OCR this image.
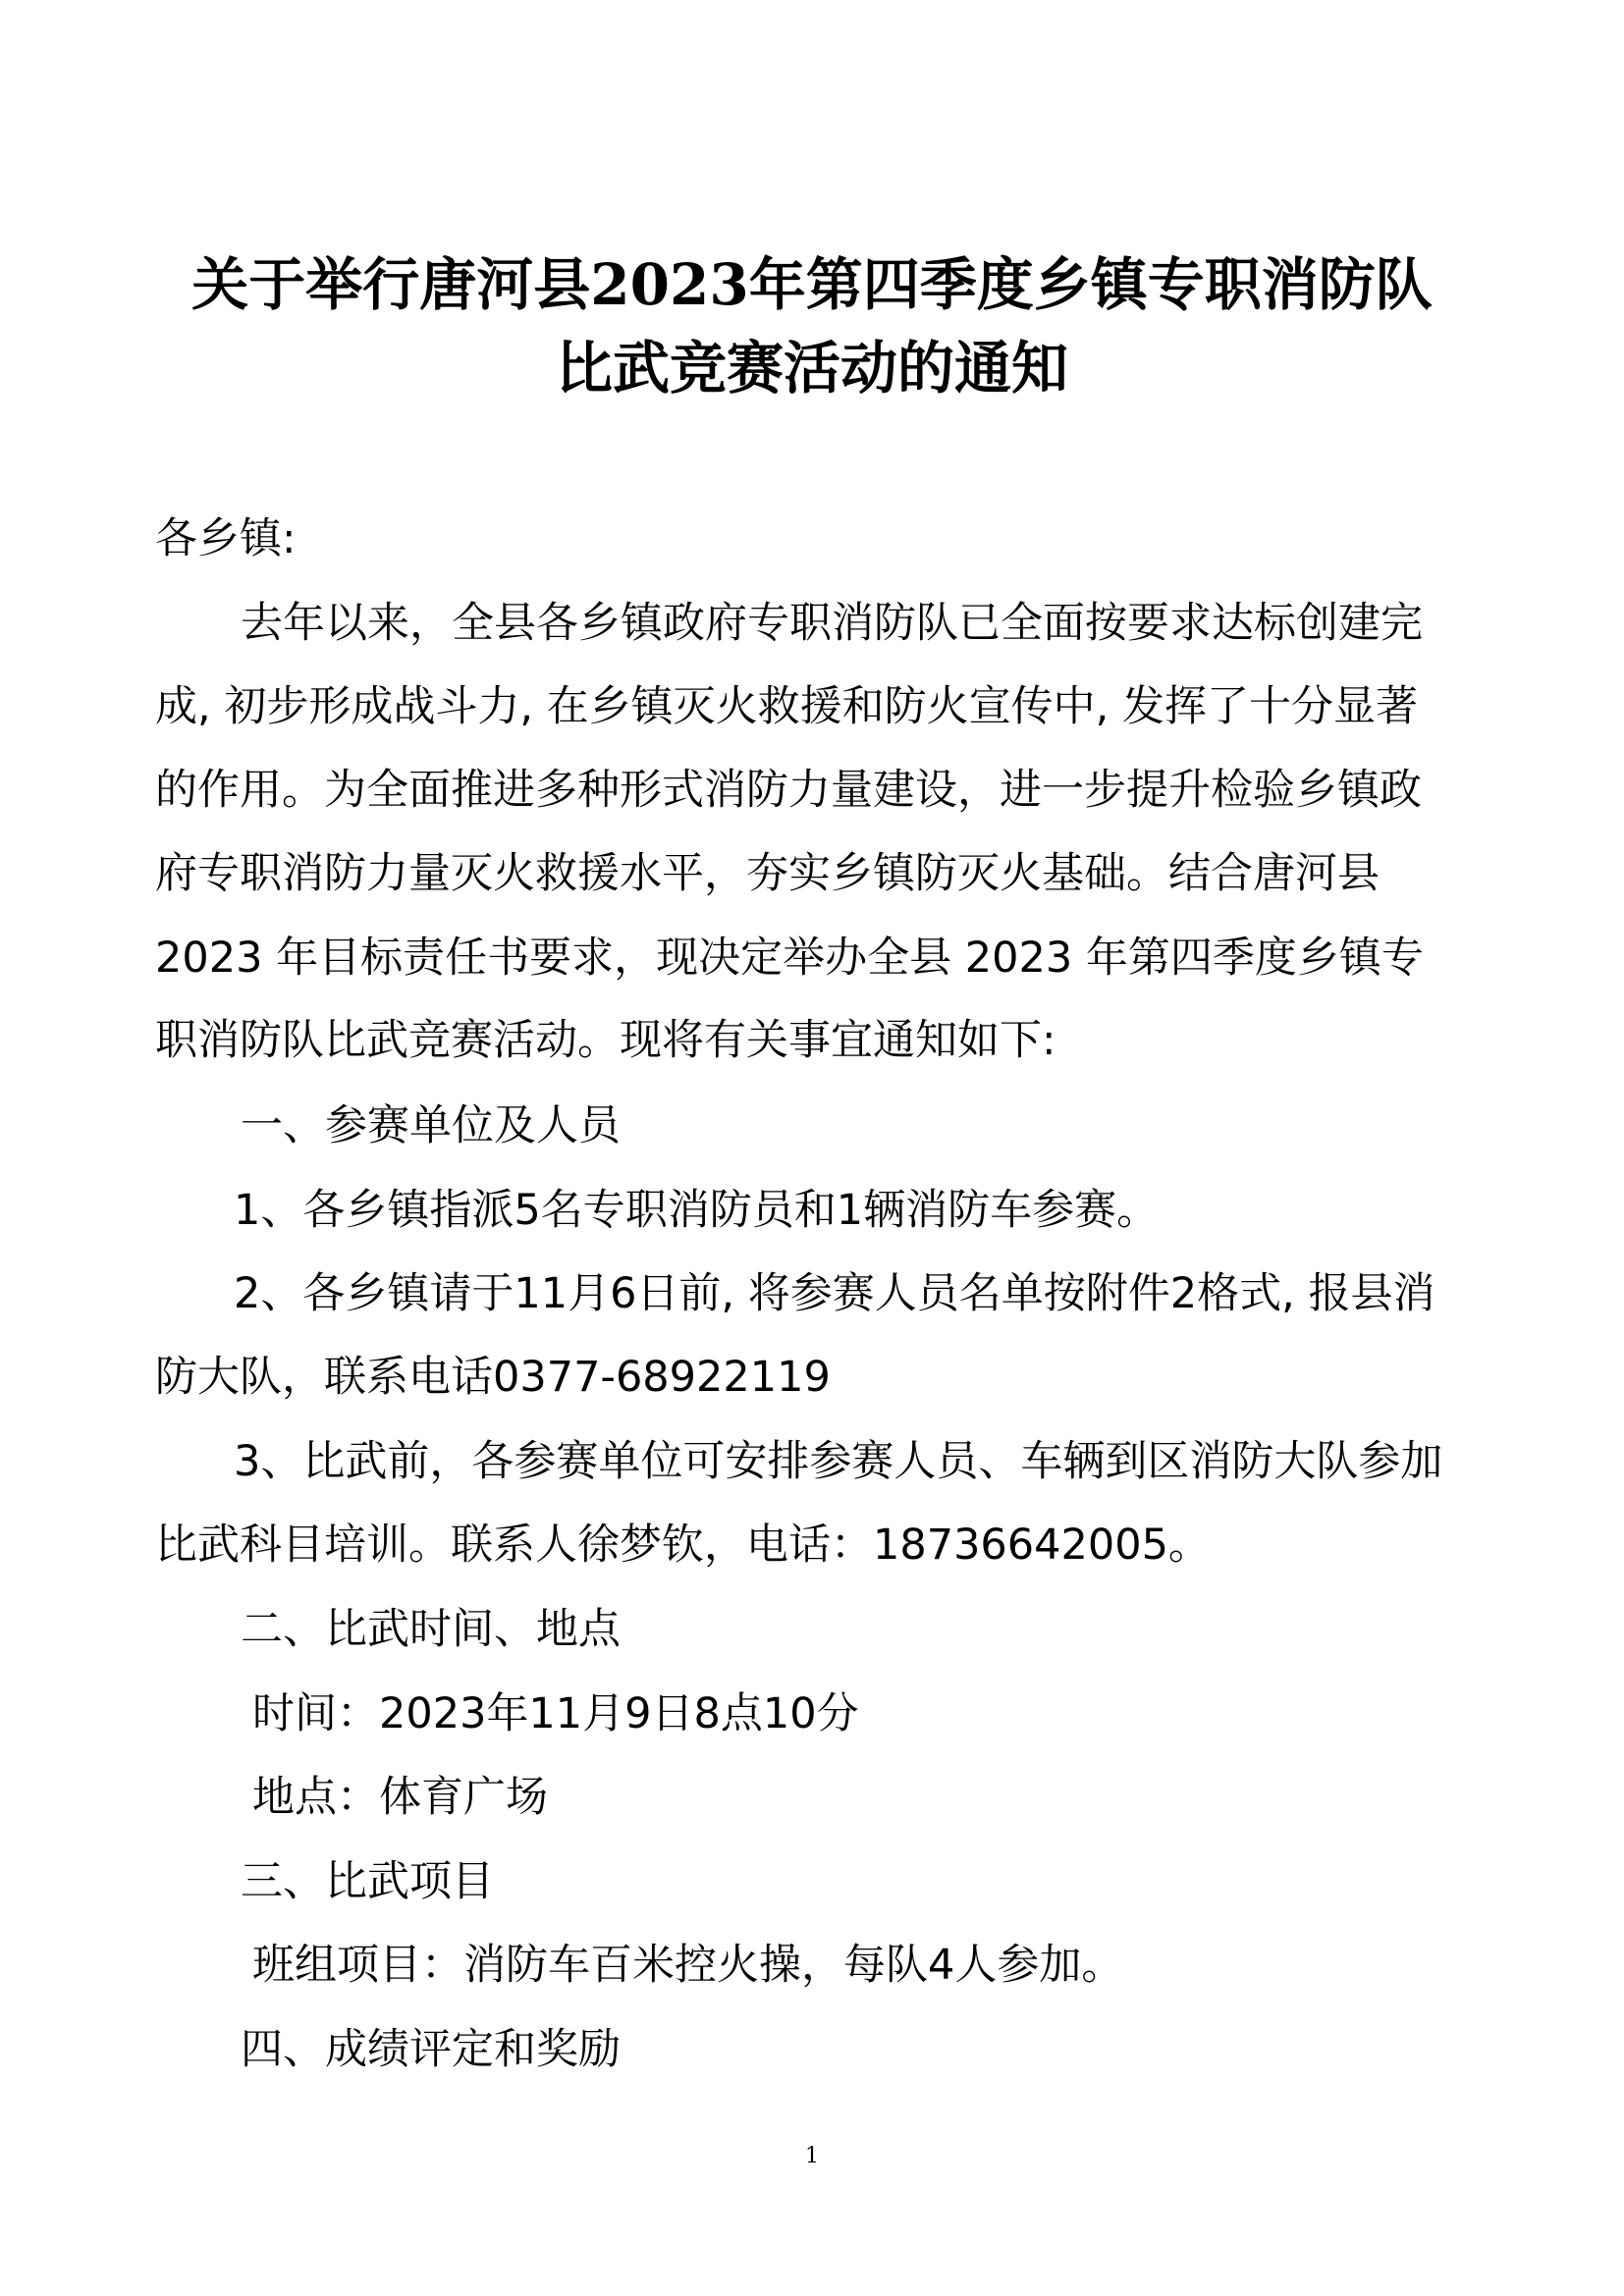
关于举行唐河县2023年第四季度乡镇专职消防队
比武竞赛活动的通知
各乡镇:
去年以来，全县各乡镇政府专职消防队已全面按要求达标创建完
成, 初步形成战斗力, 在乡镇灭火救援和防火宣传中, 发挥了十分显著
的作用。为全面推进多种形式消防力量建设，进一步提升检验乡镇政
府专职消防力量灭火救援水平，夯实乡镇防灭火基础。结合唐河县
2023 年目标责任书要求，现决定举办全县 2023 年第四季度乡镇专
职消防队比武竞赛活动。现将有关事宜通知如下:
一、参赛单位及人员
1、各乡镇指派5名专职消防员和1辆消防车参赛。
2、各乡镇请于11月6日前, 将参赛人员名单按附件2格式, 报县消
防大队，联系电话0377-68922119
3、比武前，各参赛单位可安排参赛人员、车辆到区消防大队参加
比武科目培训。联系人徐梦钦，电话：18736642005。
二、比武时间、地点
时间：2023年11月9日8点10分
地点：体育广场
三、比武项目
班组项目：消防车百米控火操，每队4人参加。
四、成绩评定和奖励
1
